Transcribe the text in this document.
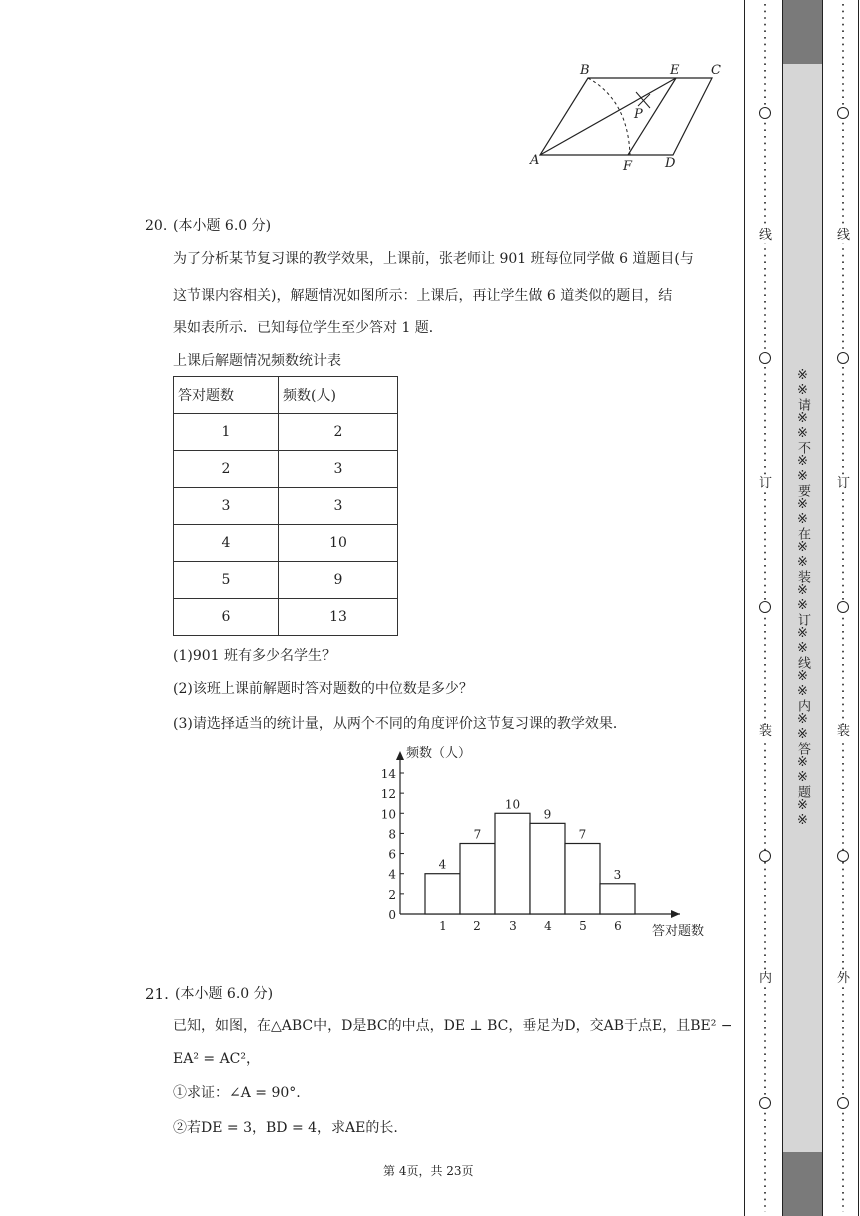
B	E C
P
A	F	D
20. (本小题 6.0 分)
为了分析某节复习课的教学效果，上课前，张老师让 901 班每位同学做 6 道题目(与
这节课内容相关)，解题情况如图所示：上课后，再让学生做 6 道类似的题目，结
果如表所示．已知每位学生至少答对 1 题．
上课后解题情况频数统计表
答对题数	频数(人)
1	2
2	3
3	3
4	10
5	9
6	13
(1)901 班有多少名学生？
(2)该班上课前解题时答对题数的中位数是多少？
(3)请选择适当的统计量，从两个不同的角度评价这节复习课的教学效果．
频数（人）
答对题数
14
12
10
8
6
4
2
0
4
1
7
2
10
3
9
4
7
5
3
6
21. (本小题 6.0 分)
已知，如图，在△ABC中，D是BC的中点，DE ⊥ BC，垂足为D，交AB于点E，且BE² −
EA² = AC²，
①求证：∠A = 90°.
②若DE = 3，BD = 4，求AE的长.
第 4页，共 23页
线
订
装
内
线
订
装
外
※※请※※不※※要※※在※※装※※订※※线※※内※※答※※题※※
